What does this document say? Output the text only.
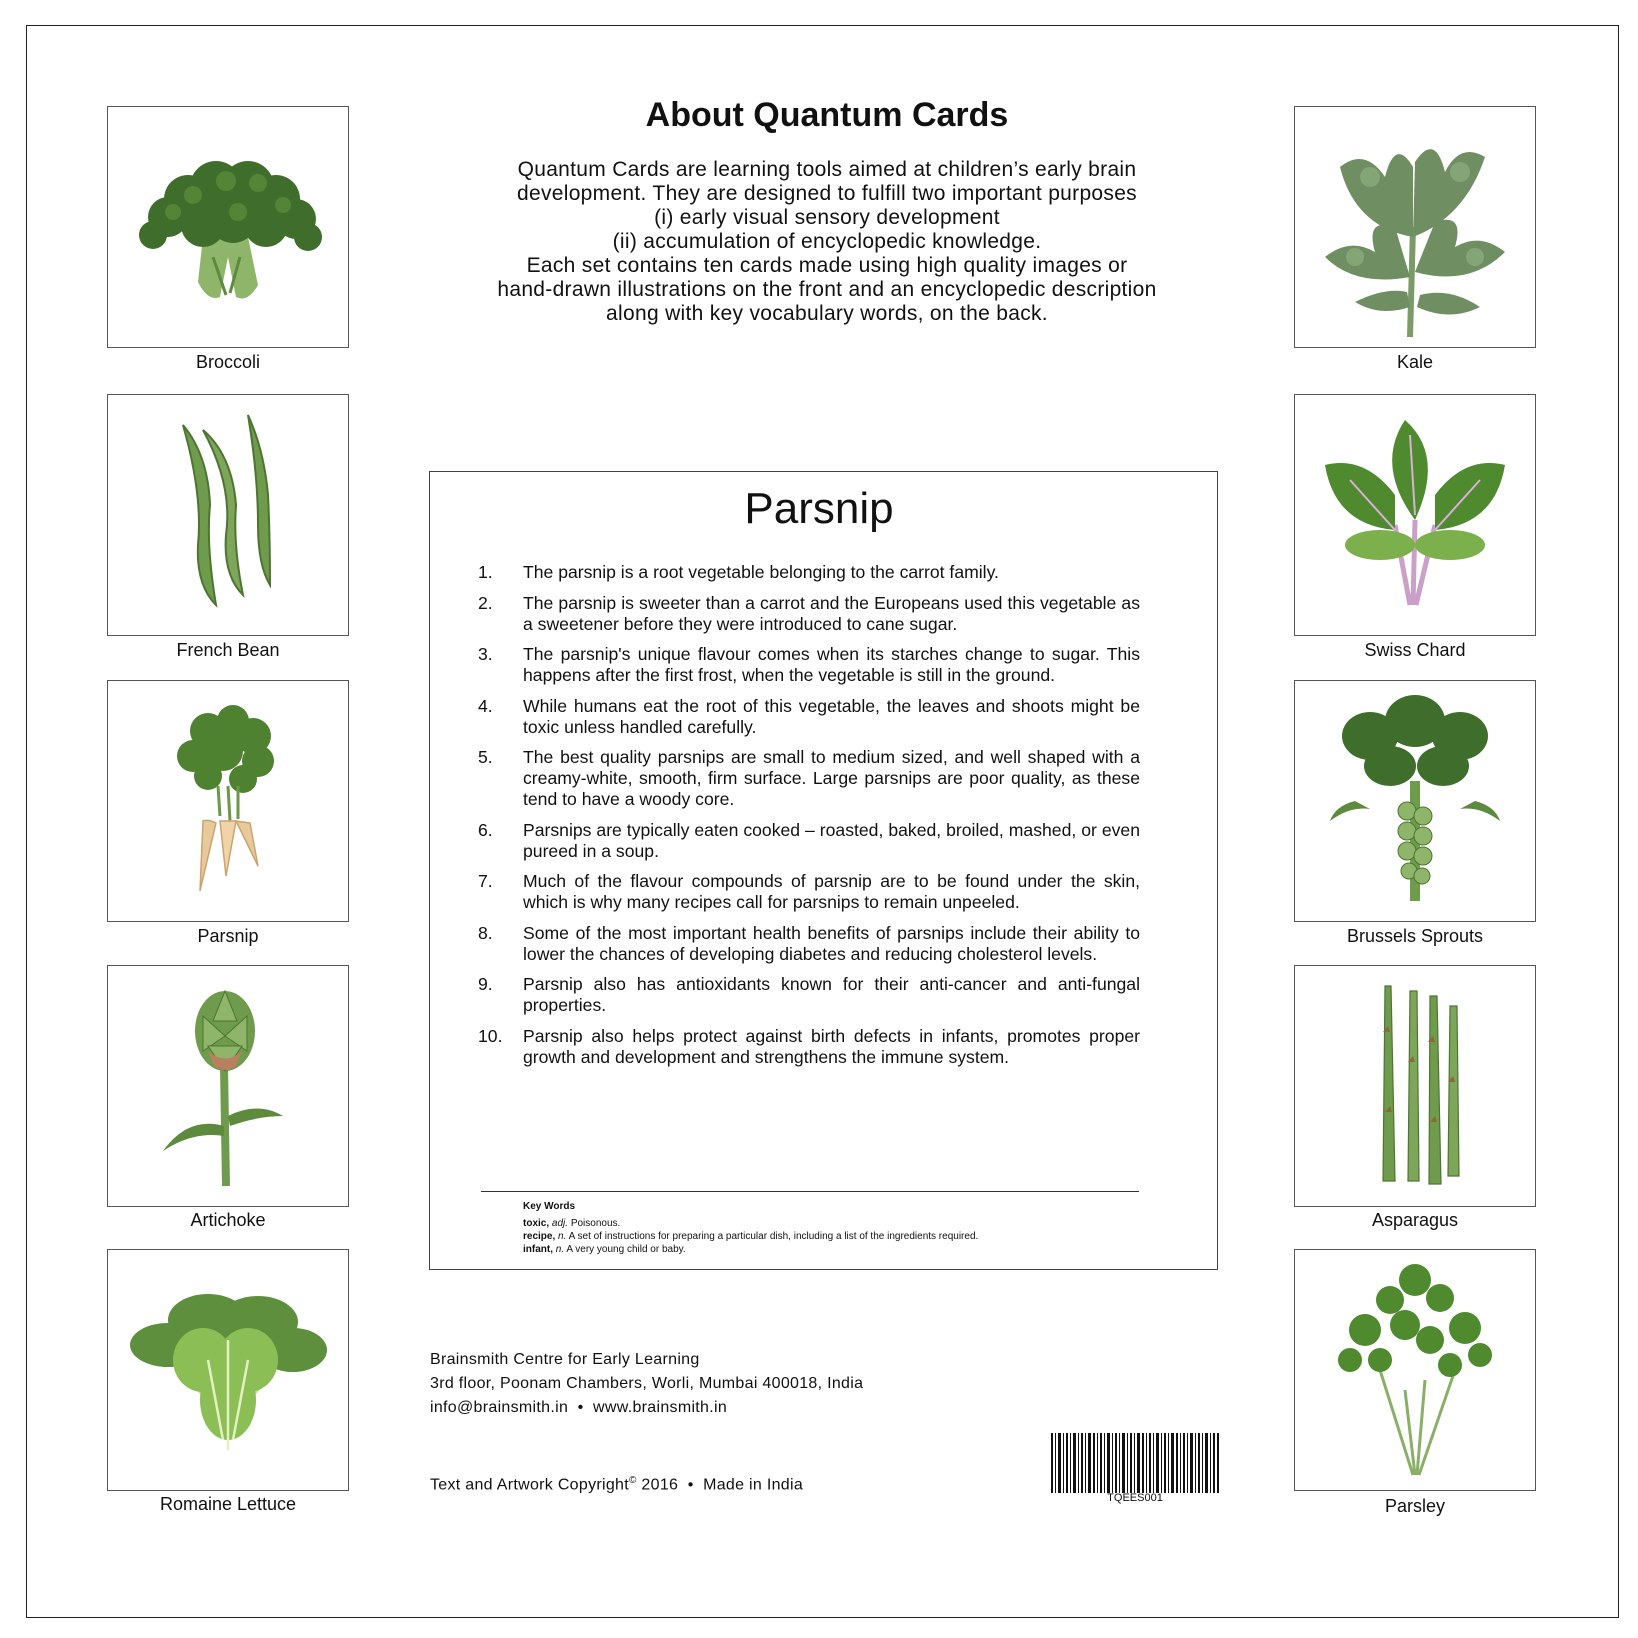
Broccoli
French Bean
Parsnip
Artichoke
Romaine Lettuce
Kale
Swiss Chard
Brussels Sprouts
Asparagus
Parsley
About Quantum Cards
Quantum Cards are learning tools aimed at children’s early brain
development. They are designed to fulfill two important purposes
(i) early visual sensory development
(ii) accumulation of encyclopedic knowledge.
Each set contains ten cards made using high quality images or
hand-drawn illustrations on the front and an encyclopedic description
along with key vocabulary words, on the back.
Parsnip
1.	The parsnip is a root vegetable belonging to the carrot family.
2.	The parsnip is sweeter than a carrot and the Europeans used this vegetable as a sweetener before they were introduced to cane sugar.
3.	The parsnip's unique flavour comes when its starches change to sugar. This happens after the first frost, when the vegetable is still in the ground.
4.	While humans eat the root of this vegetable, the leaves and shoots might be toxic unless handled carefully.
5.	The best quality parsnips are small to medium sized, and well shaped with a creamy-white, smooth, firm surface. Large parsnips are poor quality, as these tend to have a woody core.
6.	Parsnips are typically eaten cooked – roasted, baked, broiled, mashed, or even pureed in a soup.
7.	Much of the flavour compounds of parsnip are to be found under the skin, which is why many recipes call for parsnips to remain unpeeled.
8.	Some of the most important health benefits of parsnips include their ability to lower the chances of developing diabetes and reducing cholesterol levels.
9.	Parsnip also has antioxidants known for their anti-cancer and anti-fungal properties.
10.	Parsnip also helps protect against birth defects in infants, promotes proper growth and development and strengthens the immune system.
Key Words
toxic, adj. Poisonous.
recipe, n. A set of instructions for preparing a particular dish, including a list of the ingredients required.
infant, n. A very young child or baby.
Brainsmith Centre for Early Learning
3rd floor, Poonam Chambers, Worli, Mumbai 400018, India
info@brainsmith.in  •  www.brainsmith.in
Text and Artwork Copyright© 2016  •  Made in India
TQEES001
